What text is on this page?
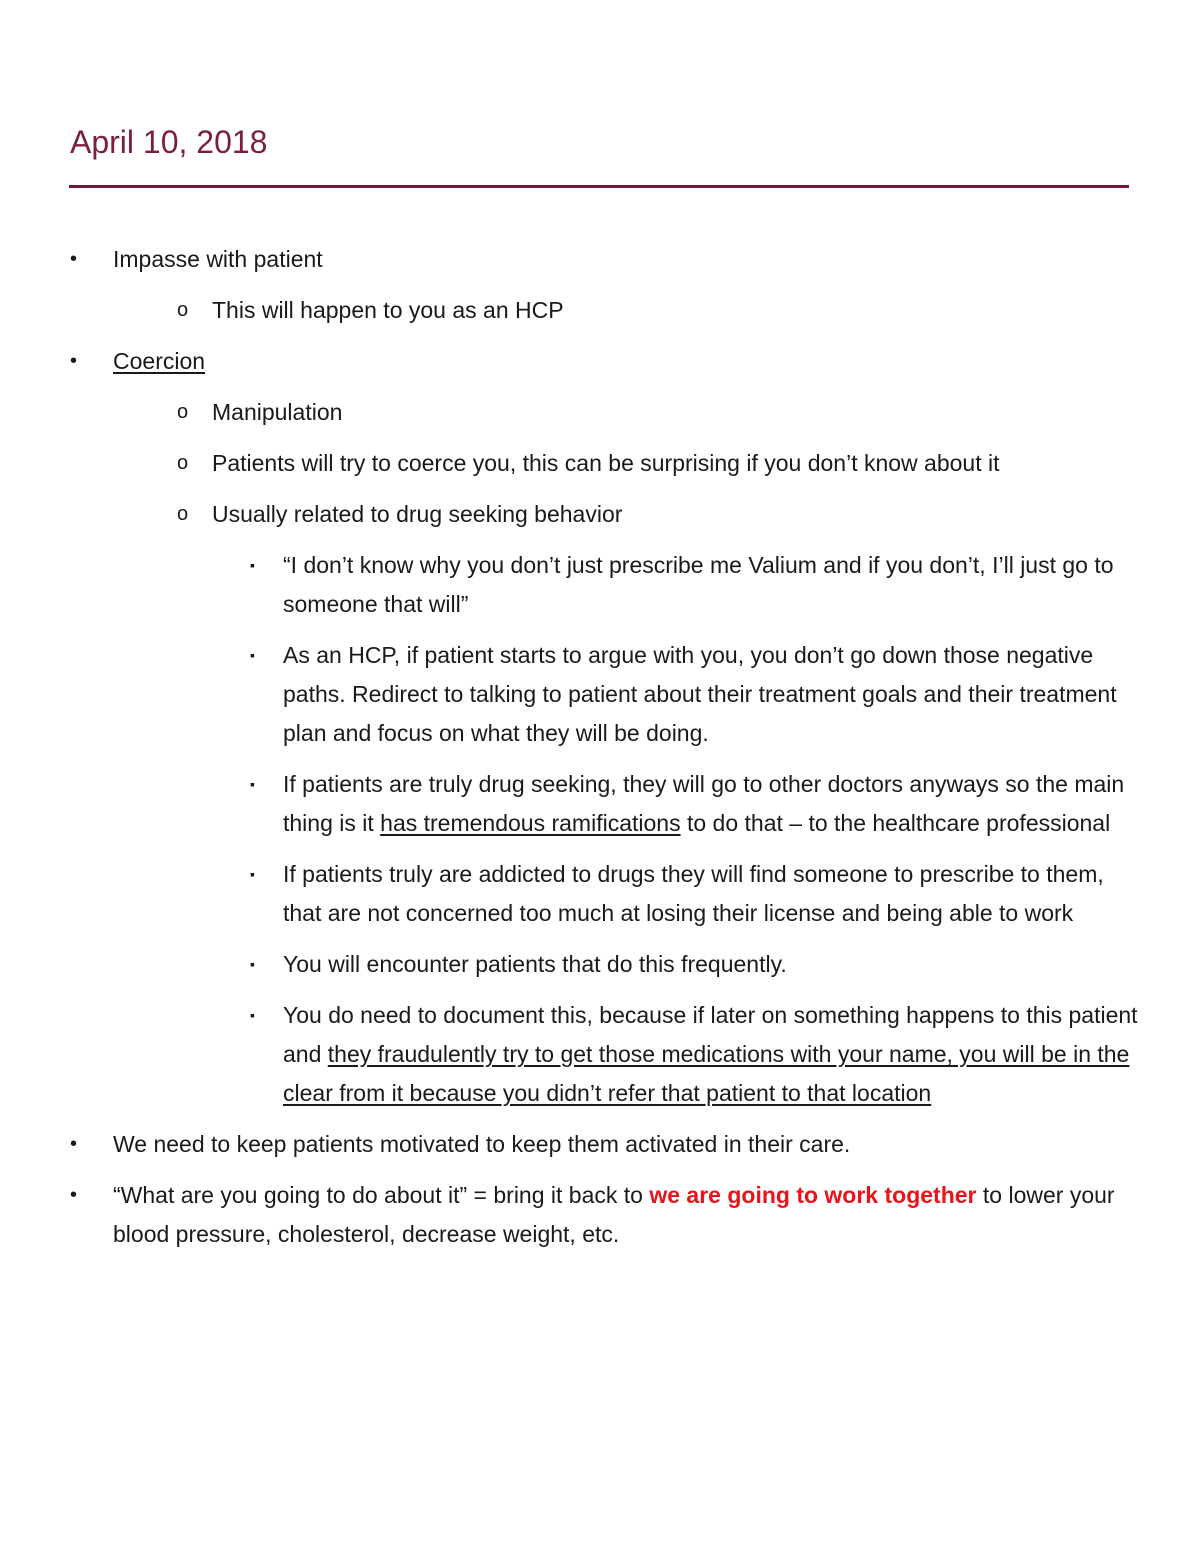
April 10, 2018
• Impasse with patient
o This will happen to you as an HCP
• Coercion
o Manipulation
o Patients will try to coerce you, this can be surprising if you don’t know about it
o Usually related to drug seeking behavior
▪ “I don’t know why you don’t just prescribe me Valium and if you don’t, I’ll just go to someone that will”
▪ As an HCP, if patient starts to argue with you, you don’t go down those negative paths. Redirect to talking to patient about their treatment goals and their treatment plan and focus on what they will be doing.
▪ If patients are truly drug seeking, they will go to other doctors anyways so the main thing is it has tremendous ramifications to do that – to the healthcare professional
▪ If patients truly are addicted to drugs they will find someone to prescribe to them, that are not concerned too much at losing their license and being able to work
▪ You will encounter patients that do this frequently.
▪ You do need to document this, because if later on something happens to this patient and they fraudulently try to get those medications with your name, you will be in the clear from it because you didn’t refer that patient to that location
• We need to keep patients motivated to keep them activated in their care.
• “What are you going to do about it” = bring it back to we are going to work together to lower your blood pressure, cholesterol, decrease weight, etc.
